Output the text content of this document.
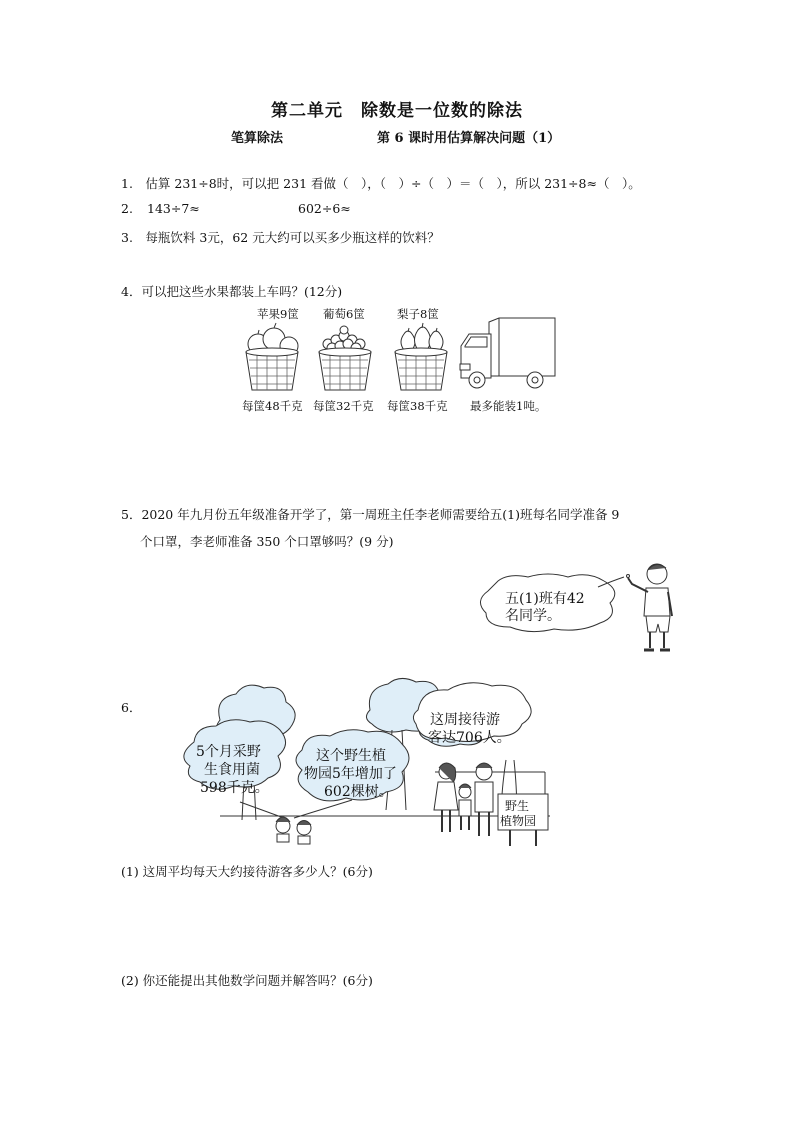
第二单元　除数是一位数的除法
笔算除法	第 6 课时用估算解决问题（1）
1.　估算 231÷8时，可以把 231 看做（　），（　）÷（　）＝（　），所以 231÷8≈（　）。
2. 143÷7≈	602÷6≈
3.　每瓶饮料 3元，62 元大约可以买多少瓶这样的饮料？
4．可以把这些水果都装上车吗？(12分)
苹果9筐 葡萄6筐	梨子8筐
每筐48千克 每筐32千克 每筐38千克 最多能装1吨。
5．2020 年九月份五年级准备开学了，第一周班主任李老师需要给五(1)班每名同学准备 9
个口罩，李老师准备 350 个口罩够吗？(9 分)
五(1)班有42
名同学。
6．
5个月采野
生食用菌
598千克。
这个野生植
物园5年增加了
602棵树。
这周接待游
客达706人。
野生
植物园
(1) 这周平均每天大约接待游客多少人？(6分)
(2) 你还能提出其他数学问题并解答吗？(6分)
